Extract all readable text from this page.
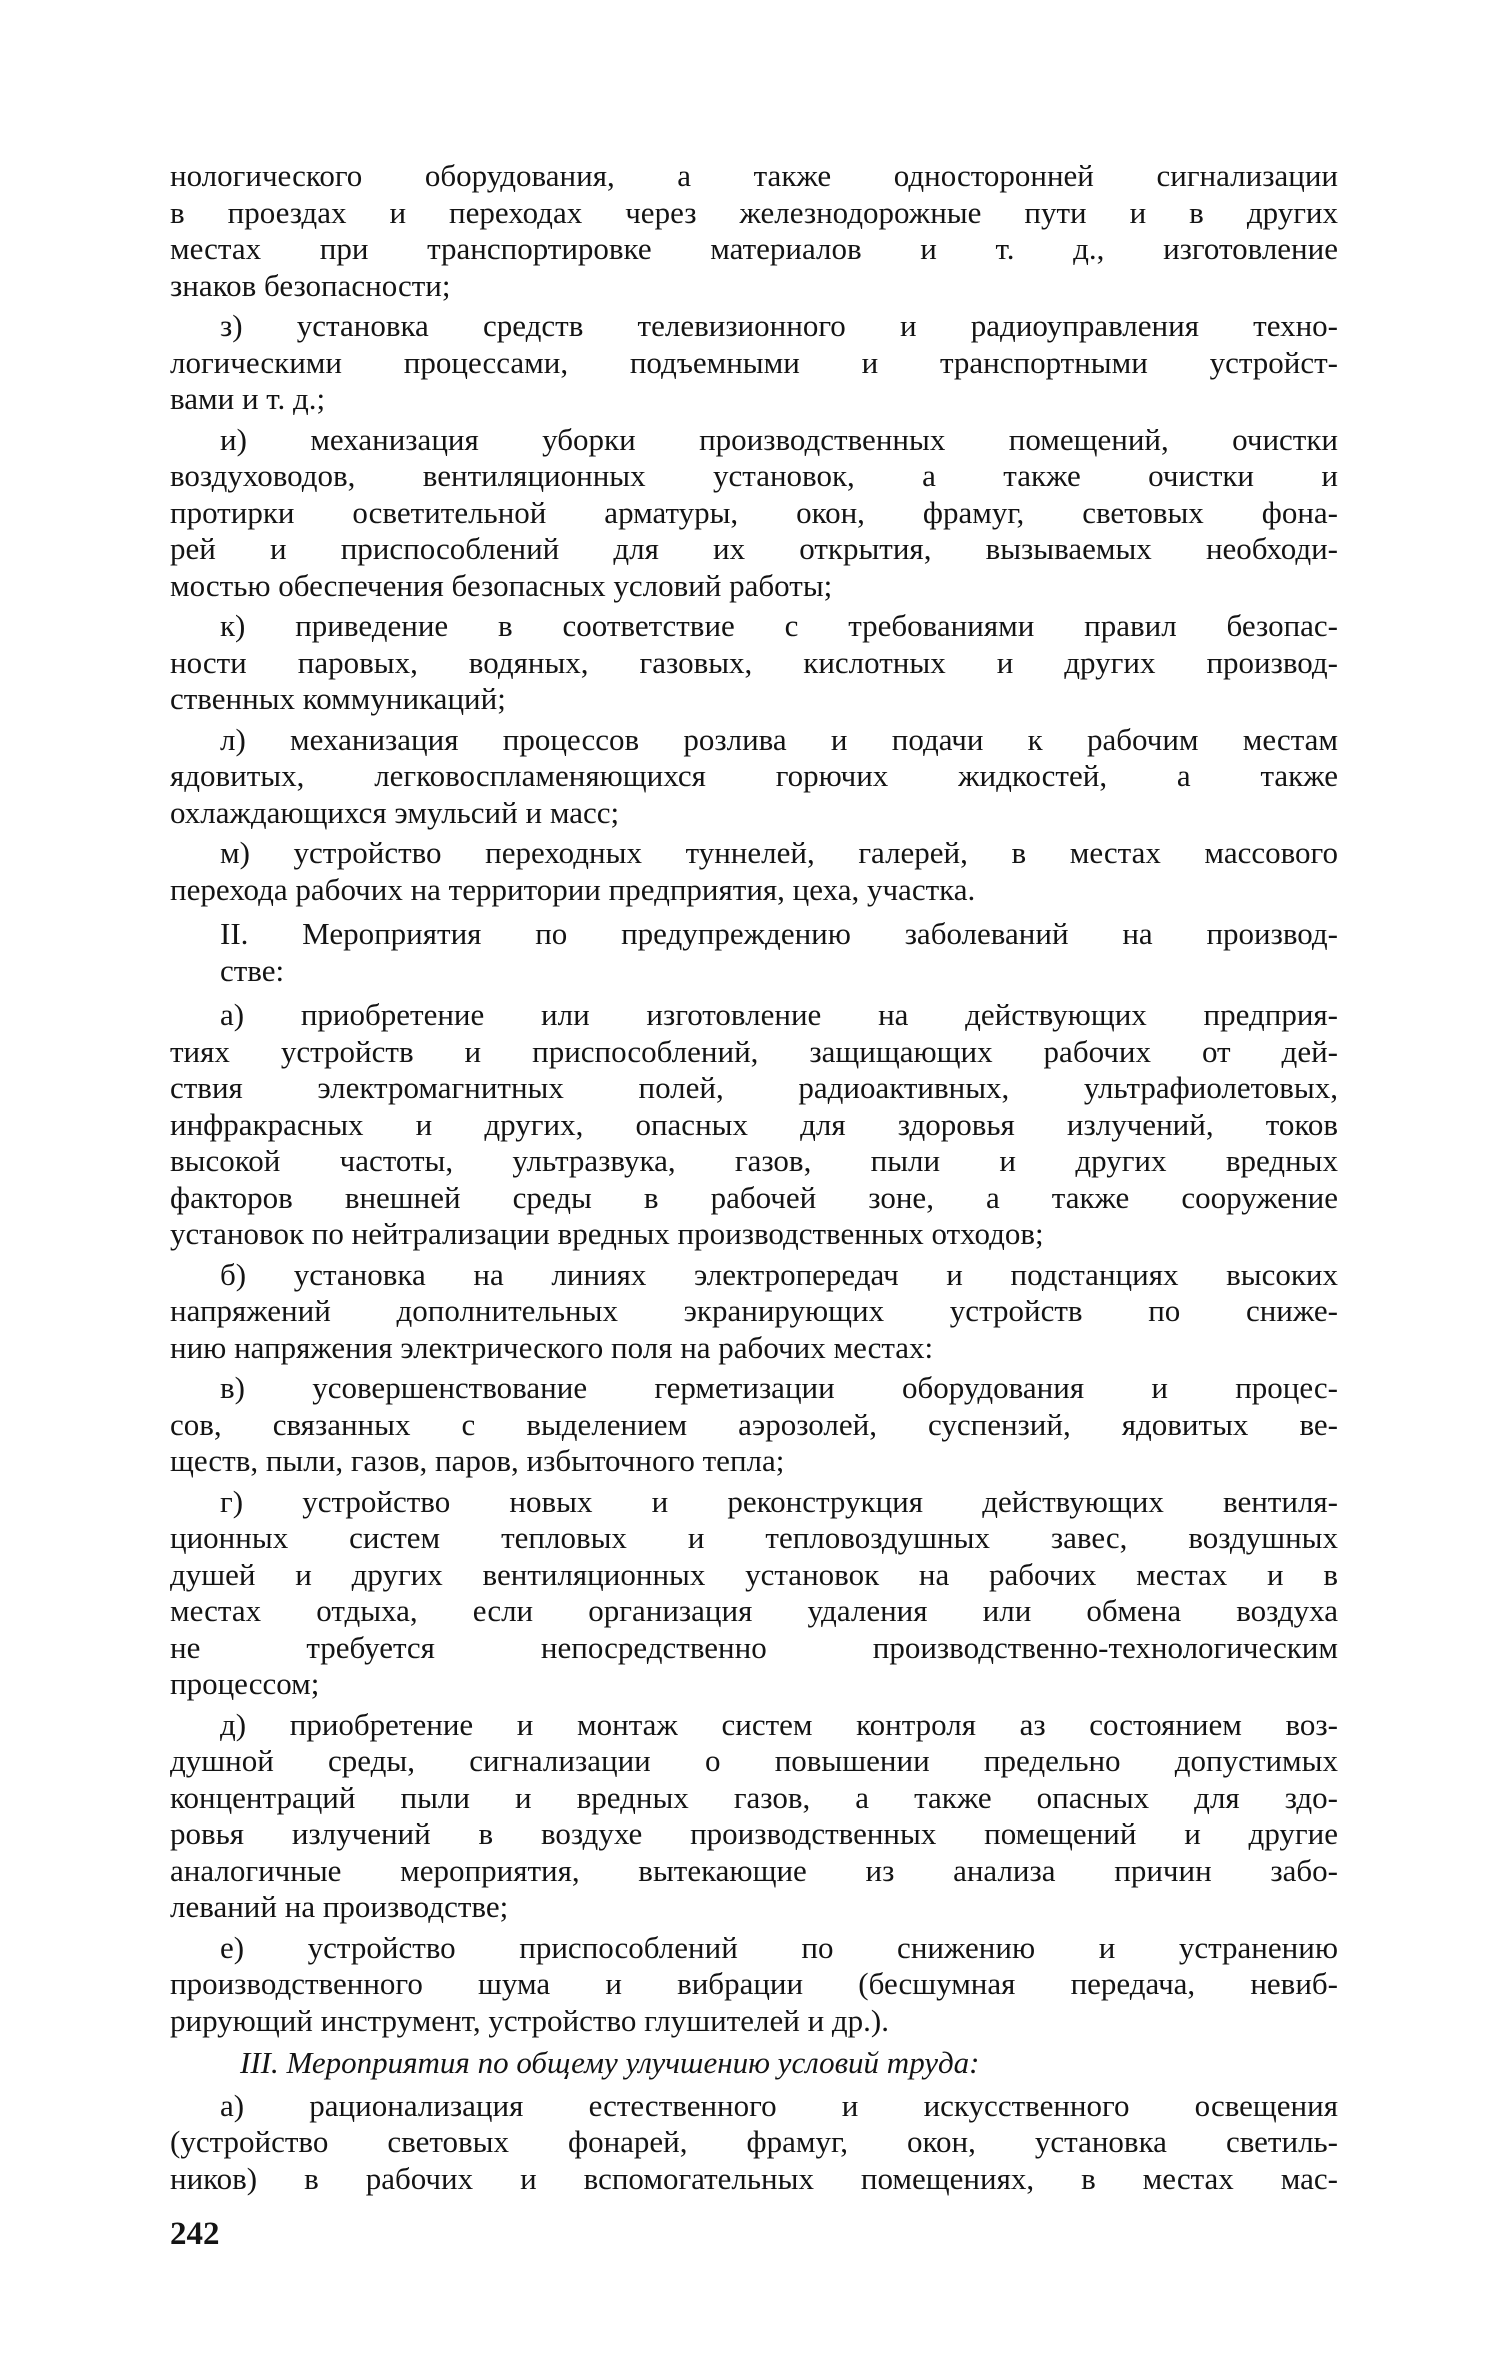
нологического оборудования, а также односторонней сигнализации
в проездах и переходах через железнодорожные пути и в других
местах при транспортировке материалов и т. д., изготовление
знаков безопасности;
з) установка средств телевизионного и радиоуправления техно-
логическими процессами, подъемными и транспортными устройст-
вами и т. д.;
и) механизация уборки производственных помещений, очистки
воздуховодов, вентиляционных установок, а также очистки и
протирки осветительной арматуры, окон, фрамуг, световых фона-
рей и приспособлений для их открытия, вызываемых необходи-
мостью обеспечения безопасных условий работы;
к) приведение в соответствие с требованиями правил безопас-
ности паровых, водяных, газовых, кислотных и других производ-
ственных коммуникаций;
л) механизация процессов розлива и подачи к рабочим местам
ядовитых, легковоспламеняющихся горючих жидкостей, а также
охлаждающихся эмульсий и масс;
м) устройство переходных туннелей, галерей, в местах массового
перехода рабочих на территории предприятия, цеха, участка.
II. Мероприятия по предупреждению заболеваний на производ-
стве:
а) приобретение или изготовление на действующих предприя-
тиях устройств и приспособлений, защищающих рабочих от дей-
ствия электромагнитных полей, радиоактивных, ультрафиолетовых,
инфракрасных и других, опасных для здоровья излучений, токов
высокой частоты, ультразвука, газов, пыли и других вредных
факторов внешней среды в рабочей зоне, а также сооружение
установок по нейтрализации вредных производственных отходов;
б) установка на линиях электропередач и подстанциях высоких
напряжений дополнительных экранирующих устройств по сниже-
нию напряжения электрического поля на рабочих местах:
в) усовершенствование герметизации оборудования и процес-
сов, связанных с выделением аэрозолей, суспензий, ядовитых ве-
ществ, пыли, газов, паров, избыточного тепла;
г) устройство новых и реконструкция действующих вентиля-
ционных систем тепловых и тепловоздушных завес, воздушных
душей и других вентиляционных установок на рабочих местах и в
местах отдыха, если организация удаления или обмена воздуха
не требуется непосредственно производственно-технологическим
процессом;
д) приобретение и монтаж систем контроля аз состоянием воз-
душной среды, сигнализации о повышении предельно допустимых
концентраций пыли и вредных газов, а также опасных для здо-
ровья излучений в воздухе производственных помещений и другие
аналогичные мероприятия, вытекающие из анализа причин забо-
леваний на производстве;
е) устройство приспособлений по снижению и устранению
производственного шума и вибрации (бесшумная передача, невиб-
рирующий инструмент, устройство глушителей и др.).
III. Мероприятия по общему улучшению условий труда:
а) рационализация естественного и искусственного освещения
(устройство световых фонарей, фрамуг, окон, установка светиль-
ников) в рабочих и вспомогательных помещениях, в местах мас-
242
